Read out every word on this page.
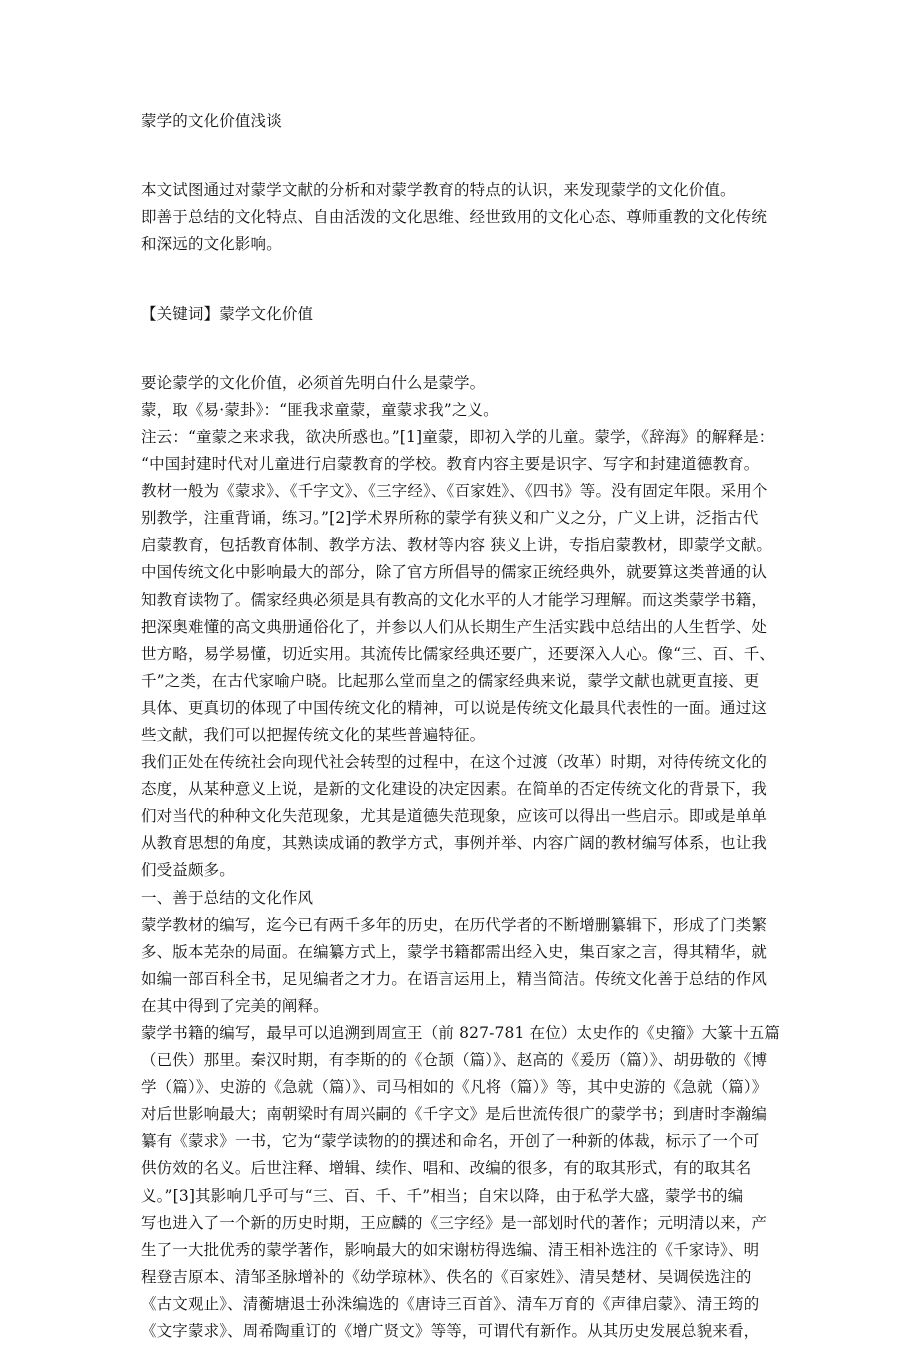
蒙学的文化价值浅谈
本文试图通过对蒙学文献的分析和对蒙学教育的特点的认识，来发现蒙学的文化价值。
即善于总结的文化特点、自由活泼的文化思维、经世致用的文化心态、尊师重教的文化传统
和深远的文化影响。
【关键词】蒙学文化价值
要论蒙学的文化价值，必须首先明白什么是蒙学。
蒙，取《易·蒙卦》：“匪我求童蒙，童蒙求我”之义。
注云：“童蒙之来求我，欲决所惑也。”[1]童蒙，即初入学的儿童。蒙学，《辞海》的解释是：
“中国封建时代对儿童进行启蒙教育的学校。教育内容主要是识字、写字和封建道德教育。
教材一般为《蒙求》、《千字文》、《三字经》、《百家姓》、《四书》等。没有固定年限。采用个
别教学，注重背诵，练习。”[2]学术界所称的蒙学有狭义和广义之分，广义上讲，泛指古代
启蒙教育，包括教育体制、教学方法、教材等内容 狭义上讲，专指启蒙教材，即蒙学文献。
中国传统文化中影响最大的部分，除了官方所倡导的儒家正统经典外，就要算这类普通的认
知教育读物了。儒家经典必须是具有教高的文化水平的人才能学习理解。而这类蒙学书籍，
把深奥难懂的高文典册通俗化了，并参以人们从长期生产生活实践中总结出的人生哲学、处
世方略，易学易懂，切近实用。其流传比儒家经典还要广，还要深入人心。像“三、百、千、
千”之类，在古代家喻户晓。比起那么堂而皇之的儒家经典来说，蒙学文献也就更直接、更
具体、更真切的体现了中国传统文化的精神，可以说是传统文化最具代表性的一面。通过这
些文献，我们可以把握传统文化的某些普遍特征。
我们正处在传统社会向现代社会转型的过程中，在这个过渡（改革）时期，对待传统文化的
态度，从某种意义上说，是新的文化建设的决定因素。在简单的否定传统文化的背景下，我
们对当代的种种文化失范现象，尤其是道德失范现象，应该可以得出一些启示。即或是单单
从教育思想的角度，其熟读成诵的教学方式，事例并举、内容广阔的教材编写体系，也让我
们受益颇多。
一、善于总结的文化作风
蒙学教材的编写，迄今已有两千多年的历史，在历代学者的不断增删纂辑下，形成了门类繁
多、版本芜杂的局面。在编纂方式上，蒙学书籍都需出经入史，集百家之言，得其精华，就
如编一部百科全书，足见编者之才力。在语言运用上，精当简洁。传统文化善于总结的作风
在其中得到了完美的阐释。
蒙学书籍的编写，最早可以追溯到周宣王（前 827-781 在位）太史作的《史籀》大篆十五篇
（已佚）那里。秦汉时期，有李斯的的《仓颉（篇）》、赵高的《爰历（篇）》、胡毋敬的《博
学（篇）》、史游的《急就（篇）》、司马相如的《凡将（篇）》等，其中史游的《急就（篇）》
对后世影响最大；南朝梁时有周兴嗣的《千字文》是后世流传很广的蒙学书；到唐时李瀚编
纂有《蒙求》一书，它为“蒙学读物的的撰述和命名，开创了一种新的体裁，标示了一个可
供仿效的名义。后世注释、增辑、续作、唱和、改编的很多，有的取其形式，有的取其名
义。”[3]其影响几乎可与“三、百、千、千”相当；自宋以降，由于私学大盛，蒙学书的编
写也进入了一个新的历史时期，王应麟的《三字经》是一部划时代的著作；元明清以来，产
生了一大批优秀的蒙学著作，影响最大的如宋谢枋得选编、清王相补选注的《千家诗》、明
程登吉原本、清邹圣脉增补的《幼学琼林》、佚名的《百家姓》、清吴楚材、吴调侯选注的
《古文观止》、清蘅塘退士孙洙编选的《唐诗三百首》、清车万育的《声律启蒙》、清王筠的
《文字蒙求》、周希陶重订的《增广贤文》等等，可谓代有新作。从其历史发展总貌来看，
